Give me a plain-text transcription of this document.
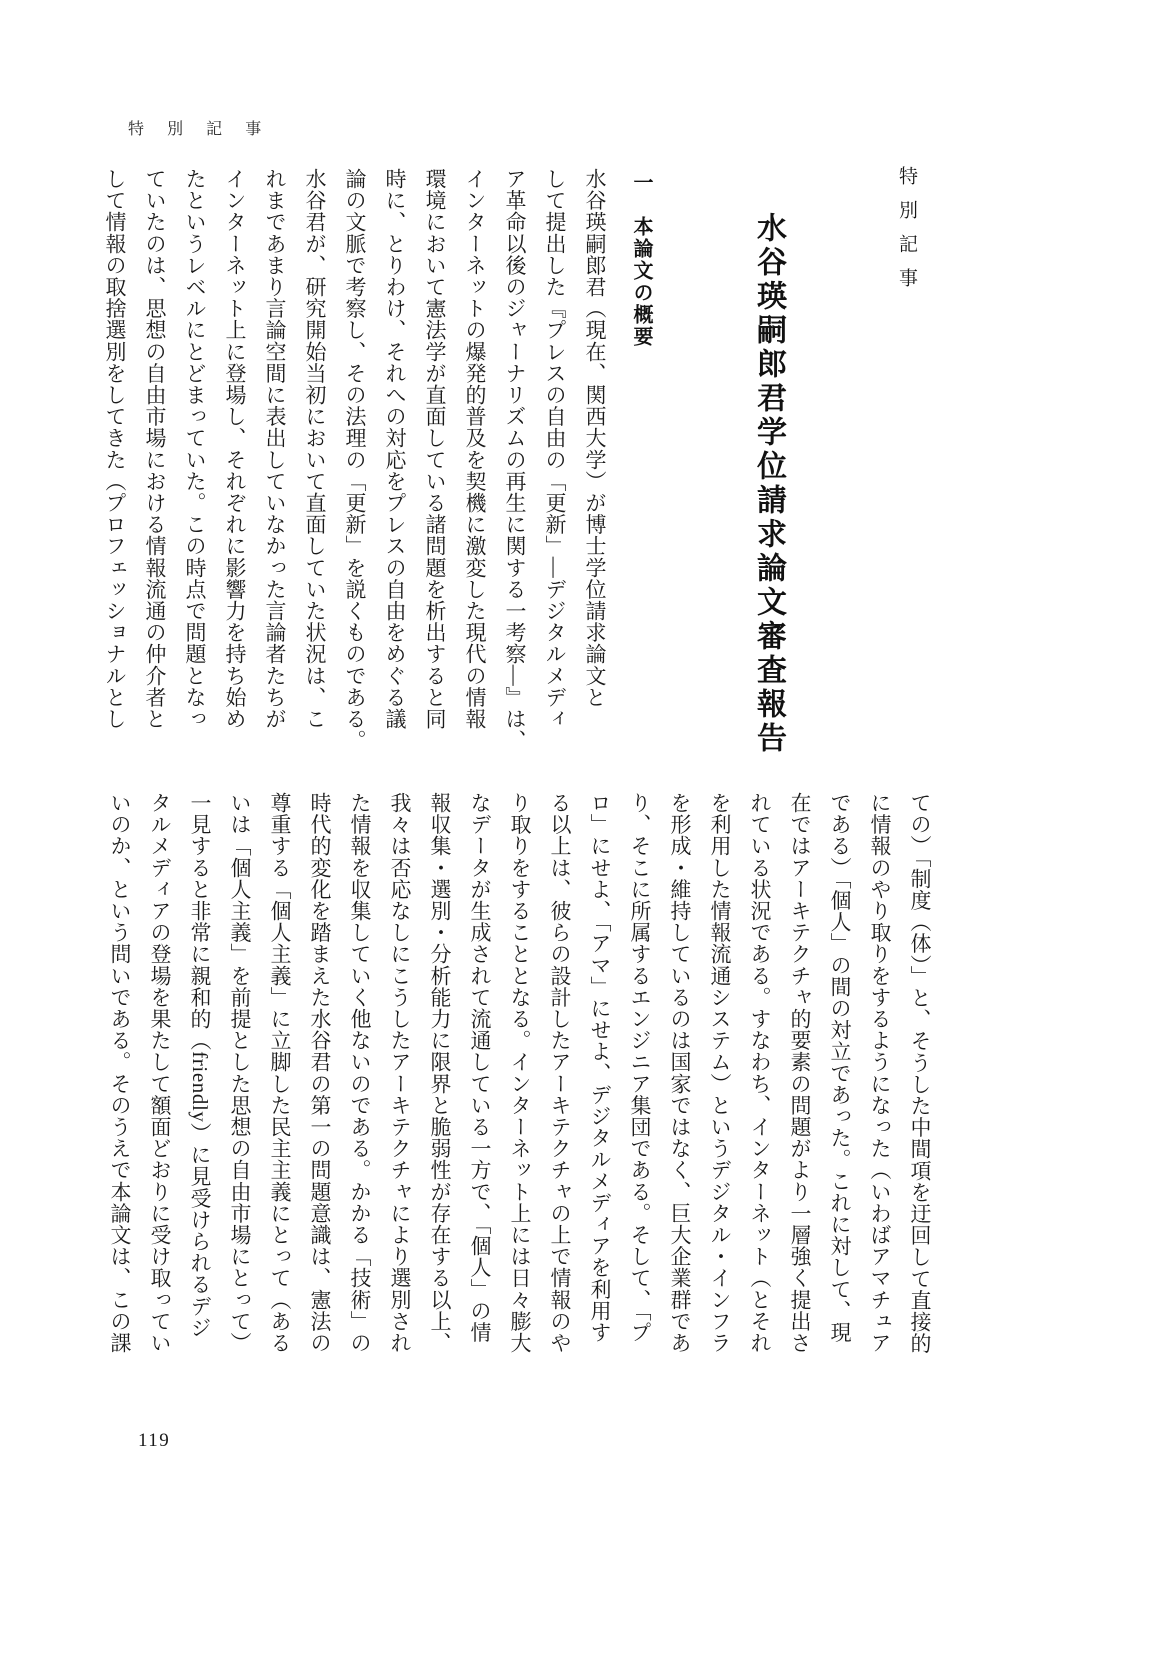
特 別 記 事
特別記事
水谷瑛嗣郎君学位請求論文審査報告
一　本論文の概要
水谷瑛嗣郎君（現在、関西大学）が博士学位請求論文と
して提出した『プレスの自由の「更新」—デジタルメディ
ア革命以後のジャーナリズムの再生に関する一考察—』は、
インターネットの爆発的普及を契機に激変した現代の情報
環境において憲法学が直面している諸問題を析出すると同
時に、とりわけ、それへの対応をプレスの自由をめぐる議
論の文脈で考察し、その法理の「更新」を説くものである。
水谷君が、研究開始当初において直面していた状況は、こ
れまであまり言論空間に表出していなかった言論者たちが
インターネット上に登場し、それぞれに影響力を持ち始め
たというレベルにとどまっていた。この時点で問題となっ
ていたのは、思想の自由市場における情報流通の仲介者と
して情報の取捨選別をしてきた（プロフェッショナルとし
ての）「制度（体）」と、そうした中間項を迂回して直接的
に情報のやり取りをするようになった（いわばアマチュア
である）「個人」の間の対立であった。これに対して、現
在ではアーキテクチャ的要素の問題がより一層強く提出さ
れている状況である。すなわち、インターネット（とそれ
を利用した情報流通システム）というデジタル・インフラ
を形成・維持しているのは国家ではなく、巨大企業群であ
り、そこに所属するエンジニア集団である。そして、「プ
ロ」にせよ、「アマ」にせよ、デジタルメディアを利用す
る以上は、彼らの設計したアーキテクチャの上で情報のや
り取りをすることとなる。インターネット上には日々膨大
なデータが生成されて流通している一方で、「個人」の情
報収集・選別・分析能力に限界と脆弱性が存在する以上、
我々は否応なしにこうしたアーキテクチャにより選別され
た情報を収集していく他ないのである。かかる「技術」の
時代的変化を踏まえた水谷君の第一の問題意識は、憲法の
尊重する「個人主義」に立脚した民主主義にとって（ある
いは「個人主義」を前提とした思想の自由市場にとって）
一見すると非常に親和的（friendly）に見受けられるデジ
タルメディアの登場を果たして額面どおりに受け取ってい
いのか、という問いである。そのうえで本論文は、この課
119
